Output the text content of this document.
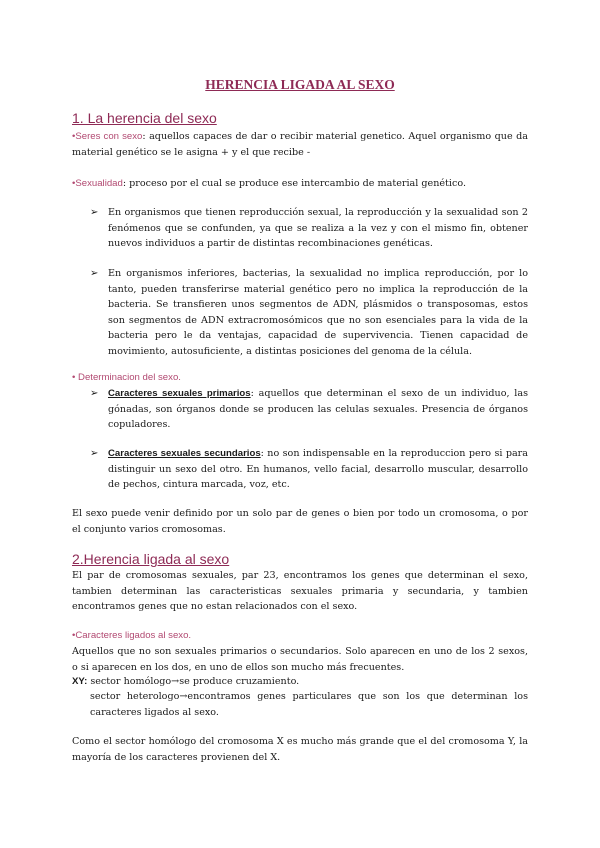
HERENCIA LIGADA AL SEXO
1. La herencia del sexo
•Seres con sexo: aquellos capaces de dar o recibir material genetico. Aquel organismo que da material genético se le asigna + y el que recibe -
•Sexualidad: proceso por el cual se produce ese intercambio de material genético.
➢ En organismos que tienen reproducción sexual, la reproducción y la sexualidad son 2 fenómenos que se confunden, ya que se realiza a la vez y con el mismo fin, obtener nuevos individuos a partir de distintas recombinaciones genéticas.
➢ En organismos inferiores, bacterias, la sexualidad no implica reproducción, por lo tanto, pueden transferirse material genético pero no implica la reproducción de la bacteria. Se transfieren unos segmentos de ADN, plásmidos o transposomas, estos son segmentos de ADN extracromosómicos que no son esenciales para la vida de la bacteria pero le da ventajas, capacidad de supervivencia. Tienen capacidad de movimiento, autosuficiente, a distintas posiciones del genoma de la célula.
• Determinacion del sexo.
➢ Caracteres sexuales primarios: aquellos que determinan el sexo de un individuo, las gónadas, son órganos donde se producen las celulas sexuales. Presencia de órganos copuladores.
➢ Caracteres sexuales secundarios: no son indispensable en la reproduccion pero si para distinguir un sexo del otro. En humanos, vello facial, desarrollo muscular, desarrollo de pechos, cintura marcada, voz, etc.
El sexo puede venir definido por un solo par de genes o bien por todo un cromosoma, o por el conjunto varios cromosomas.
2.Herencia ligada al sexo
El par de cromosomas sexuales, par 23, encontramos los genes que determinan el sexo, tambien determinan las caracteristicas sexuales primaria y secundaria, y tambien encontramos genes que no estan relacionados con el sexo.
•Caracteres ligados al sexo.
Aquellos que no son sexuales primarios o secundarios. Solo aparecen en uno de los 2 sexos, o si aparecen en los dos, en uno de ellos son mucho más frecuentes.
XY: sector homólogo→se produce cruzamiento.
sector heterologo→encontramos genes particulares que son los que determinan los caracteres ligados al sexo.
Como el sector homólogo del cromosoma X es mucho más grande que el del cromosoma Y, la mayoría de los caracteres provienen del X.
